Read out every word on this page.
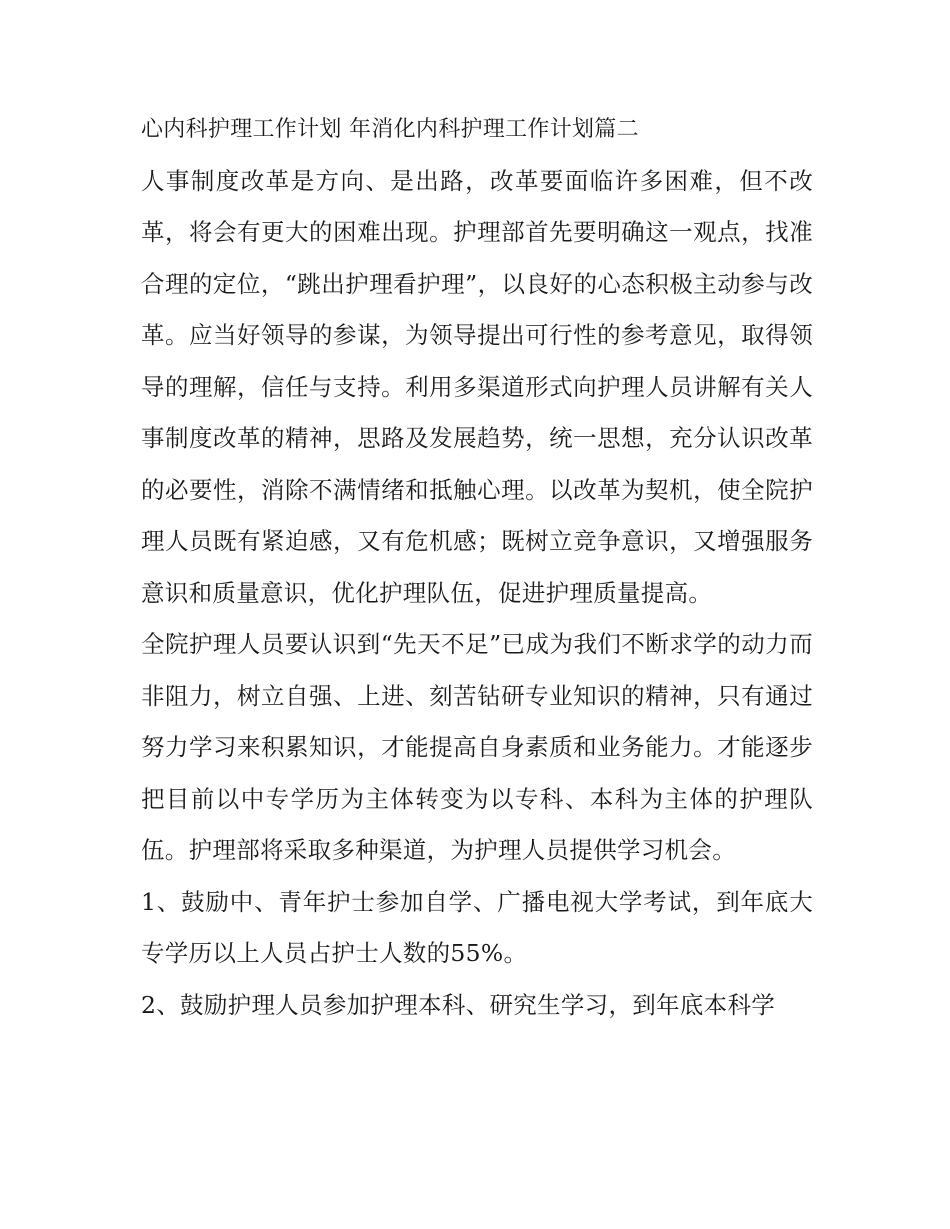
心内科护理工作计划 年消化内科护理工作计划篇二

人事制度改革是方向、是出路，改革要面临许多困难，但不改革，将会有更大的困难出现。护理部首先要明确这一观点，找准合理的定位，“跳出护理看护理”，以良好的心态积极主动参与改革。应当好领导的参谋，为领导提出可行性的参考意见，取得领导的理解，信任与支持。利用多渠道形式向护理人员讲解有关人事制度改革的精神，思路及发展趋势，统一思想，充分认识改革的必要性，消除不满情绪和抵触心理。以改革为契机，使全院护理人员既有紧迫感，又有危机感；既树立竞争意识，又增强服务意识和质量意识，优化护理队伍，促进护理质量提高。

全院护理人员要认识到“先天不足”已成为我们不断求学的动力而非阻力，树立自强、上进、刻苦钻研专业知识的精神，只有通过努力学习来积累知识，才能提高自身素质和业务能力。才能逐步把目前以中专学历为主体转变为以专科、本科为主体的护理队伍。护理部将采取多种渠道，为护理人员提供学习机会。

1、鼓励中、青年护士参加自学、广播电视大学考试，到年底大专学历以上人员占护士人数的55%。

2、鼓励护理人员参加护理本科、研究生学习，到年底本科学
